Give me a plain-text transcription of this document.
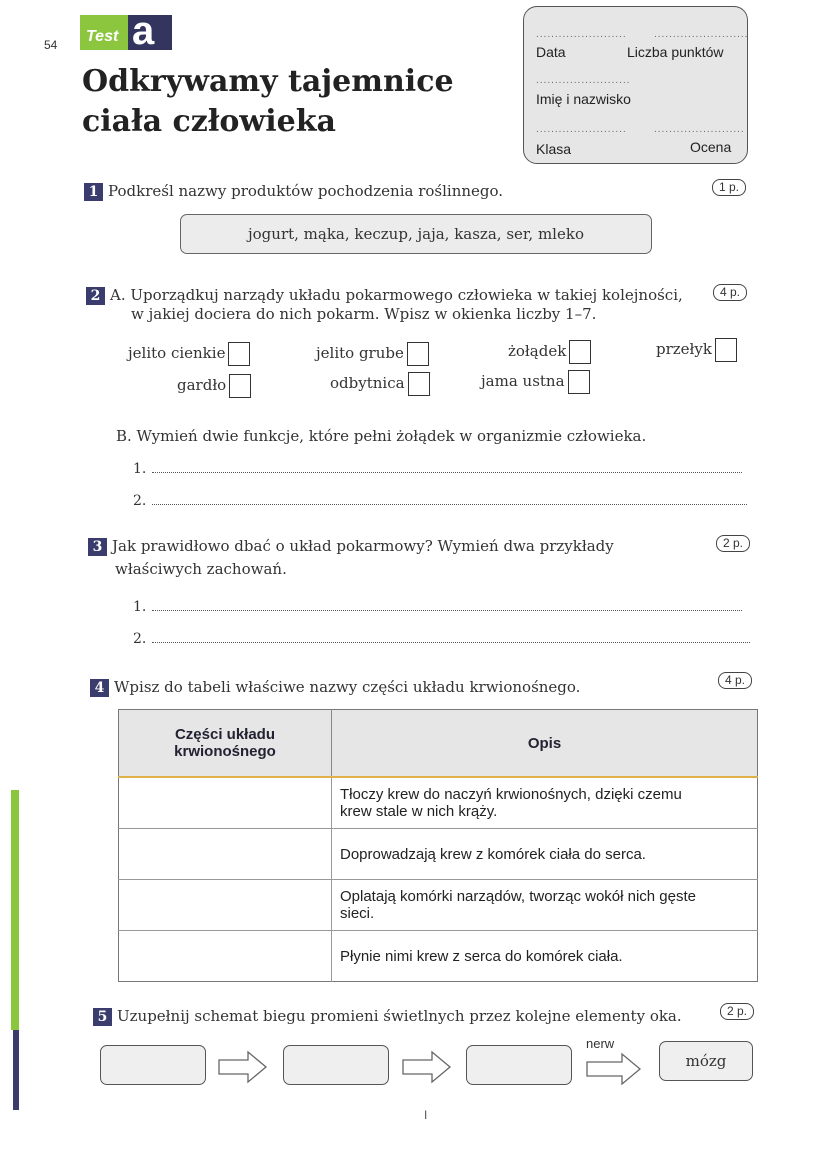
54 Test a
Odkrywamy tajemnice
ciała człowieka
........................
Data
.........................
Liczba punktów
.........................
Imię i nazwisko
........................
Klasa
........................
Ocena
1 Podkreśl nazwy produktów pochodzenia roślinnego.	1 p.
jogurt, mąka, keczup, jaja, kasza, ser, mleko
2 A. Uporządkuj narządy układu pokarmowego człowieka w takiej kolejności,
w jakiej dociera do nich pokarm. Wpisz w okienka liczby 1–7.
4 p.
jelito cienkie	jelito grube	żołądek	przełyk
gardło	odbytnica	jama ustna
B. Wymień dwie funkcje, które pełni żołądek w organizmie człowieka.
1.
2.
3 Jak prawidłowo dbać o układ pokarmowy? Wymień dwa przykłady
właściwych zachowań.
2 p.
1.
2.
4 Wpisz do tabeli właściwe nazwy części układu krwionośnego.	4 p.
Części układu
krwionośnego	Opis

	Tłoczy krew do naczyń krwionośnych, dzięki czemu
krew stale w nich krąży.

	Doprowadzają krew z komórek ciała do serca.

	Oplatają komórki narządów, tworząc wokół nich gęste
sieci.

	Płynie nimi krew z serca do komórek ciała.
5 Uzupełnij schemat biegu promieni świetlnych przez kolejne elementy oka.	2 p.
nerw
mózg
I
